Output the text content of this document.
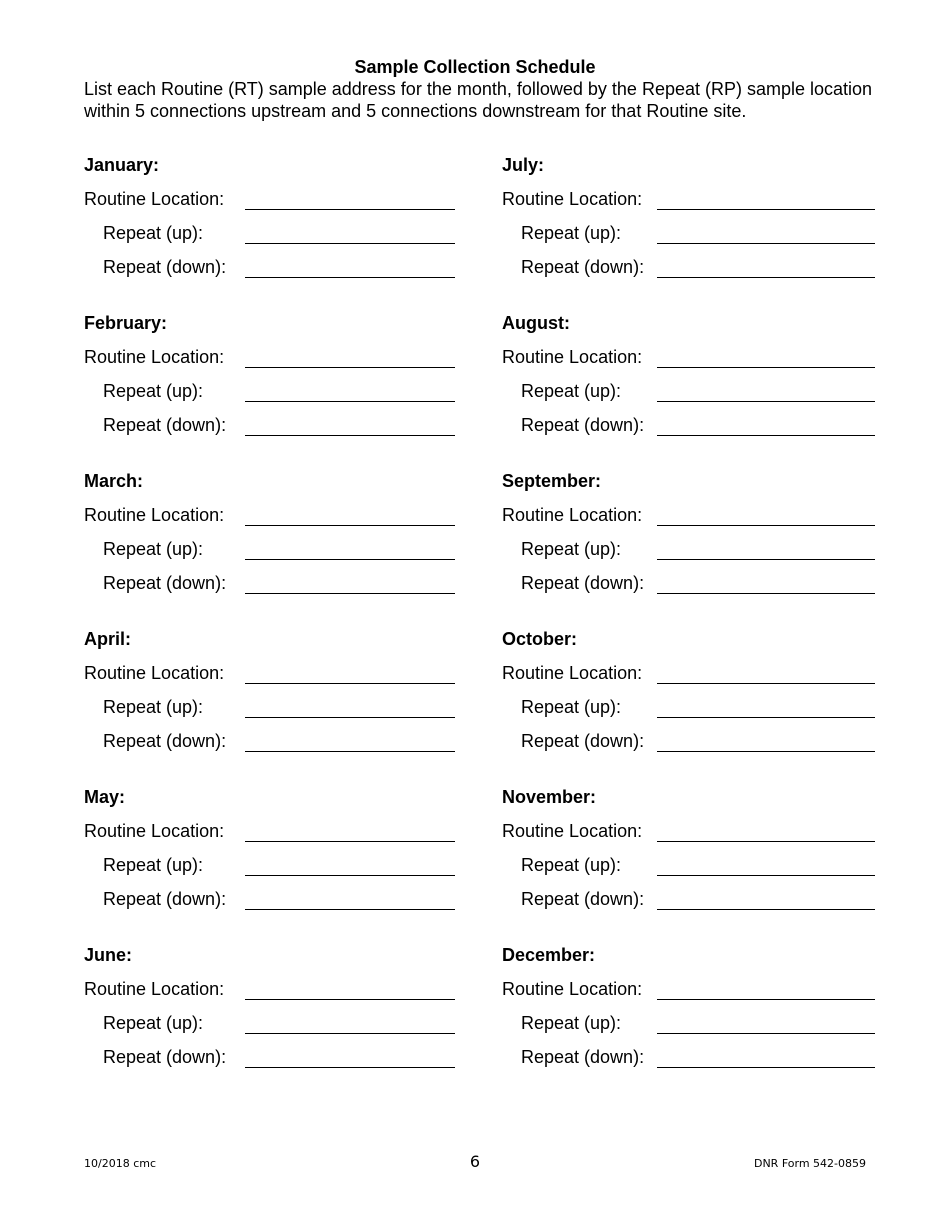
Sample Collection Schedule
List each Routine (RT) sample address for the month, followed by the Repeat (RP) sample location within 5 connections upstream and 5 connections downstream for that Routine site.
January:
Routine Location:
Repeat (up):
Repeat (down):
February:
Routine Location:
Repeat (up):
Repeat (down):
March:
Routine Location:
Repeat (up):
Repeat (down):
April:
Routine Location:
Repeat (up):
Repeat (down):
May:
Routine Location:
Repeat (up):
Repeat (down):
June:
Routine Location:
Repeat (up):
Repeat (down):
July:
Routine Location:
Repeat (up):
Repeat (down):
August:
Routine Location:
Repeat (up):
Repeat (down):
September:
Routine Location:
Repeat (up):
Repeat (down):
October:
Routine Location:
Repeat (up):
Repeat (down):
November:
Routine Location:
Repeat (up):
Repeat (down):
December:
Routine Location:
Repeat (up):
Repeat (down):
10/2018 cmc	6	DNR Form 542-0859
